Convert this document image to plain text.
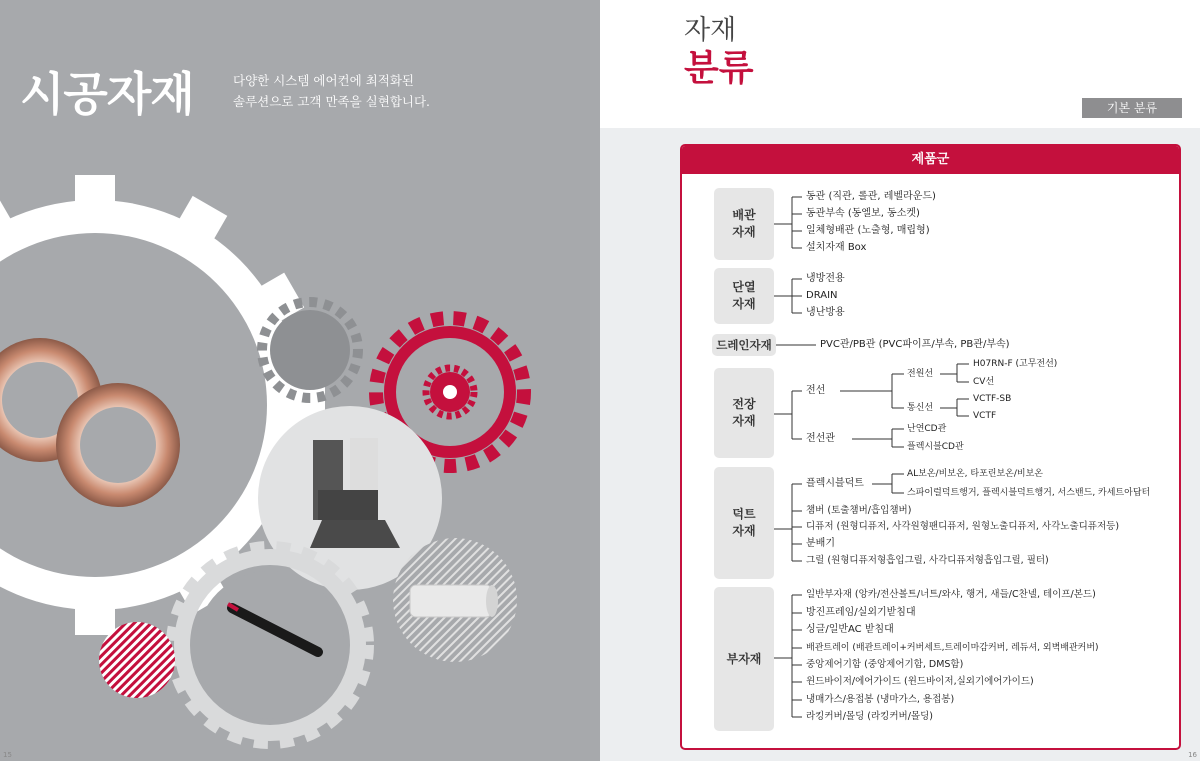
시공자재	다양한 시스템 에어컨에 최적화된
솔루션으로 고객 만족을 실현합니다.
15
자재
분류
기본 분류
제품군
배관
자재
동관 (직관, 롤관, 레벨라운드)
동관부속 (동엘보, 동소켓)
일체형배관 (노출형, 매립형)
설치자재 Box
단열
자재
냉방전용
DRAIN
냉난방용
드레인자재	PVC관/PB관 (PVC파이프/부속, PB관/부속)
전장
자재
전선
전원선
H07RN-F (고무전선)
CV선
통신선
VCTF-SB
VCTF
전선관
난연CD관
플렉시블CD관
덕트
자재
플렉시블덕트
AL보온/비보온, 타포린보온/비보온
스파이럴덕트행거, 플렉시블덕트행거, 서스밴드, 카세트아답터
챔버 (토출챔버/흡입챔버)
디퓨저 (원형디퓨저, 사각원형팬디퓨저, 원형노출디퓨저, 사각노출디퓨저등)
분배기
그릴 (원형디퓨저형흡입그릴, 사각디퓨저형흡입그릴, 필터)
부자재
일반부자재 (앙카/전산볼트/너트/와샤, 행거, 새들/C찬넬, 테이프/본드)
방진프레임/실외기받침대
싱글/일반AC 받침대
배관트레이 (배관트레이+커버세트,트레이마감커버, 레듀셔, 외벽배관커버)
중앙제어기함 (중앙제어기함, DMS함)
윈드바이저/에어가이드 (윈드바이저,실외기에어가이드)
냉매가스/용접봉 (냉마가스, 용접봉)
라킹커버/몰딩 (라킹커버/몰딩)
16
